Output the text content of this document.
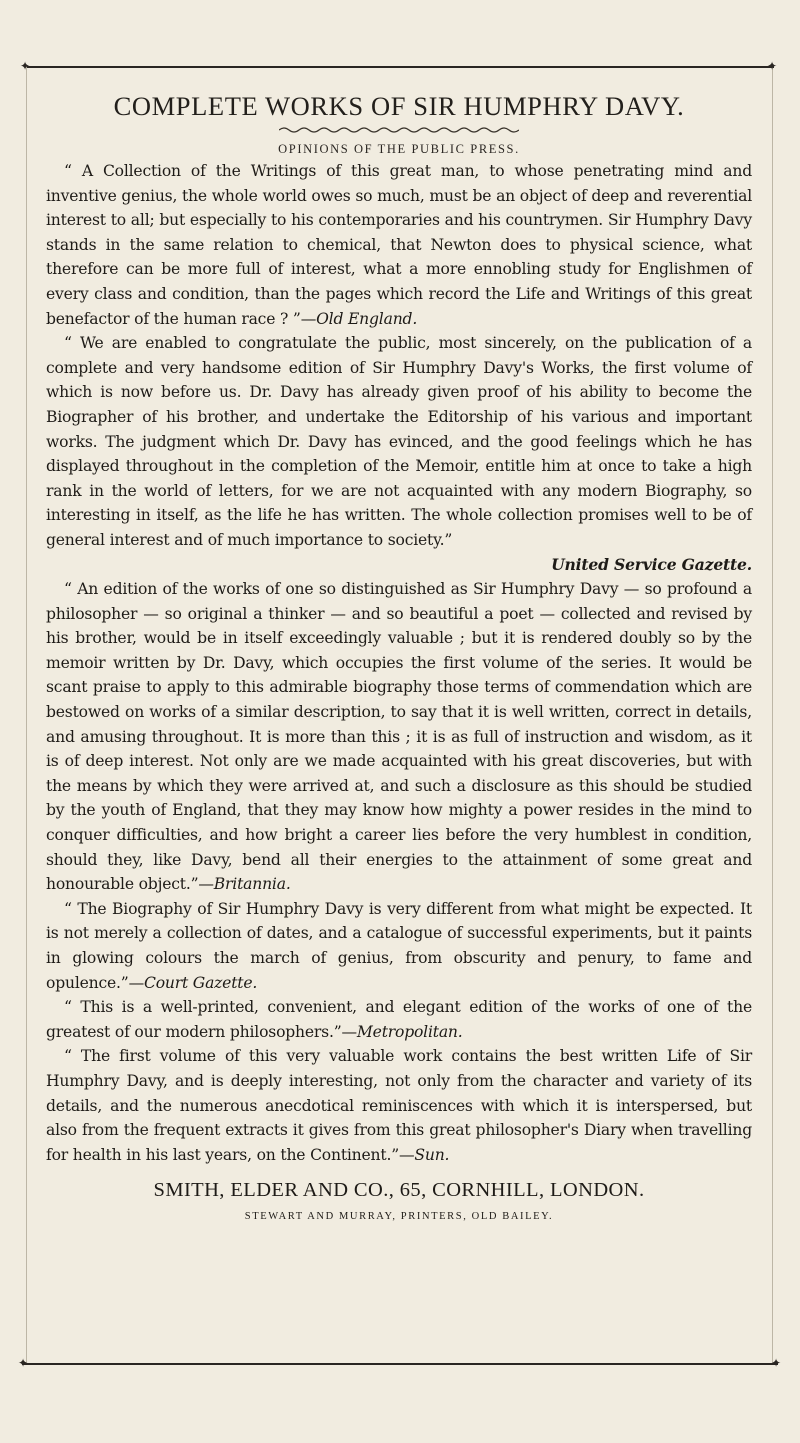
✦	✦
✦	✦
COMPLETE WORKS OF SIR HUMPHRY DAVY.

OPINIONS OF THE PUBLIC PRESS.

“ A Collection of the Writings of this great man, to whose penetrating mind and inventive genius, the whole world owes so much, must be an object of deep and reverential interest to all; but especially to his contemporaries and his countrymen. Sir Humphry Davy stands in the same relation to chemical, that Newton does to physical science, what therefore can be more full of interest, what a more ennobling study for Englishmen of every class and condition, than the pages which record the Life and Writings of this great benefactor of the human race ? ”—Old England.

“ We are enabled to congratulate the public, most sincerely, on the publication of a complete and very handsome edition of Sir Humphry Davy's Works, the first volume of which is now before us. Dr. Davy has already given proof of his ability to become the Biographer of his brother, and undertake the Editorship of his various and important works. The judgment which Dr. Davy has evinced, and the good feelings which he has displayed throughout in the completion of the Memoir, entitle him at once to take a high rank in the world of letters, for we are not acquainted with any modern Biography, so interesting in itself, as the life he has written. The whole collection promises well to be of general interest and of much importance to society.”
United Service Gazette.

“ An edition of the works of one so distinguished as Sir Humphry Davy — so profound a philosopher — so original a thinker — and so beautiful a poet — collected and revised by his brother, would be in itself exceedingly valuable ; but it is rendered doubly so by the memoir written by Dr. Davy, which occupies the first volume of the series. It would be scant praise to apply to this admirable biography those terms of commendation which are bestowed on works of a similar description, to say that it is well written, correct in details, and amusing throughout. It is more than this ; it is as full of instruction and wisdom, as it is of deep interest. Not only are we made acquainted with his great discoveries, but with the means by which they were arrived at, and such a disclosure as this should be studied by the youth of England, that they may know how mighty a power resides in the mind to conquer difficulties, and how bright a career lies before the very humblest in condition, should they, like Davy, bend all their energies to the attainment of some great and honourable object.”—Britannia.

“ The Biography of Sir Humphry Davy is very different from what might be expected. It is not merely a collection of dates, and a catalogue of successful experiments, but it paints in glowing colours the march of genius, from obscurity and penury, to fame and opulence.”—Court Gazette.

“ This is a well-printed, convenient, and elegant edition of the works of one of the greatest of our modern philosophers.”—Metropolitan.

“ The first volume of this very valuable work contains the best written Life of Sir Humphry Davy, and is deeply interesting, not only from the character and variety of its details, and the numerous anecdotical reminiscences with which it is interspersed, but also from the frequent extracts it gives from this great philosopher's Diary when travelling for health in his last years, on the Continent.”—Sun.

SMITH, ELDER AND CO., 65, CORNHILL, LONDON.

STEWART AND MURRAY, PRINTERS, OLD BAILEY.
